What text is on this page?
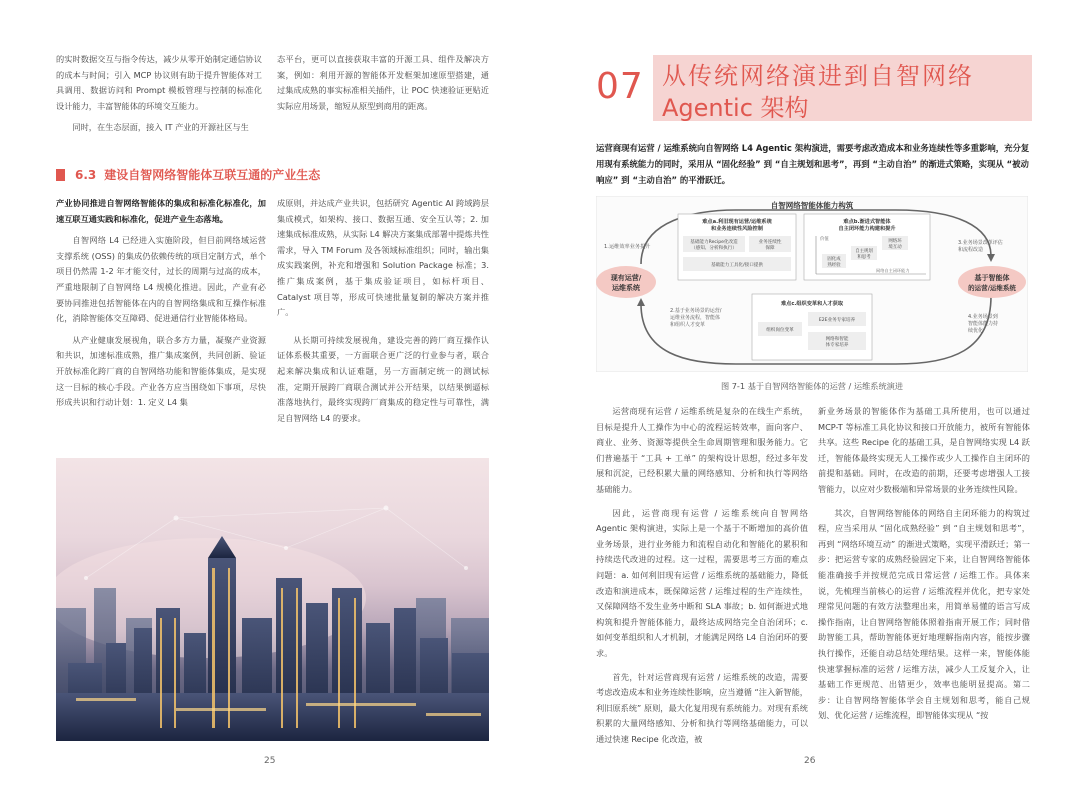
的实时数据交互与指令传达，减少从零开始制定通信协议的成本与时间；引入 MCP 协议则有助于提升智能体对工具调用、数据访问和 Prompt 模板管理与控制的标准化设计能力，丰富智能体的环境交互能力。

同时，在生态层面，接入 IT 产业的开源社区与生

态平台，更可以直接获取丰富的开源工具、组件及解决方案，例如：利用开源的智能体开发框架加速原型搭建，通过集成成熟的事实标准相关插件，让 POC 快速验证更贴近实际应用场景，缩短从原型到商用的距离。

6.3 建设自智网络智能体互联互通的产业生态

产业协同推进自智网络智能体的集成和标准化标准化，加速互联互通实践和标准化，促进产业生态落地。

自智网络 L4 已经进入实施阶段，但目前网络域运营支撑系统 (OSS) 的集成仍依赖传统的项目定制方式，单个项目仍然需 1-2 年才能交付，过长的周期与过高的成本，严重地限制了自智网络 L4 规模化推进。因此，产业有必要协同推进包括智能体在内的自智网络集成和互操作标准化，消除智能体交互障碍、促进通信行业智能体格局。

从产业健康发展视角，联合多方力量，凝聚产业资源和共识，加速标准成熟，推广集成案例，共同创新、验证开放标准化跨厂商的自智网络功能和智能体集成，是实现这一目标的核心手段。产业各方应当围绕如下事项，尽快形成共识和行动计划：1. 定义 L4 集

成原则，并达成产业共识，包括研究 Agentic AI 跨域跨层集成模式，如架构、接口、数据互通、安全互认等；2. 加速集成标准成熟，从实际 L4 解决方案集成部署中提炼共性需求，导入 TM Forum 及各领域标准组织；同时，输出集成实践案例，补充和增强和 Solution Package 标准；3. 推广集成案例，基于集成验证项目，如标杆项目、Catalyst 项目等，形成可快速批量复制的解决方案并推广。

从长期可持续发展视角，建设完善的跨厂商互操作认证体系极其重要，一方面联合更广泛的行业参与者，联合起来解决集成和认证难题，另一方面制定统一的测试标准，定期开展跨厂商联合测试并公开结果，以结果倒逼标准落地执行，最终实现跨厂商集成的稳定性与可靠性，满足自智网络 L4 的要求。

25
07 从传统网络演进到自智网络
Agentic 架构
运营商现有运营 / 运维系统向自智网络 L4 Agentic 架构演进，需要考虑改造成本和业务连续性等多重影响，充分复用现有系统能力的同时，采用从 “固化经验” 到 “自主规划和思考”，再到 “主动自治” 的渐进式策略，实现从 “被动响应” 到 “主动自治” 的平滑跃迁。
自智网络智能体能力构筑
现有运营/
运维系统
基于智能体
的运营/运维系统
1.运维效率业务提升
2.基于业务场景的运营/
运维业务流程，智能体
和组织人才变革
3.业务场景改革评估
和流程改造
4.业务场景到
智能体能力持
续优化
难点a.利旧现有运营/运维系统
和业务连续性风险控制
基础能力Recipe化改造
（感知、分析和执行）
业务连续性
保障
基础能力工具化/接口提供
难点b.渐进式智能体
自主闭环能力构建和提升
价值
网络自主闭环能力
固化成
熟经验
自主规划
和思考
网络环
境互动
难点c.组织变革和人才获取
组织岗位变革
E2E业务专家培养
网络和智能
体专家培养
图 7-1 基于自智网络智能体的运营 / 运维系统演进

运营商现有运营 / 运维系统是复杂的在线生产系统，目标是提升人工操作为中心的流程运转效率，面向客户、商业、业务、资源等提供全生命周期管理和服务能力。它们普遍基于 “工具 + 工单” 的架构设计思想，经过多年发展和沉淀，已经积累大量的网络感知、分析和执行等网络基础能力。

因此，运营商现有运营 / 运维系统向自智网络 Agentic 架构演进，实际上是一个基于不断增加的高价值业务场景，进行业务能力和流程自动化和智能化的累积和持续迭代改进的过程。这一过程，需要思考三方面的难点问题：a. 如何利旧现有运营 / 运维系统的基础能力，降低改造和演进成本，既保障运营 / 运维过程的生产连续性，又保障网络不发生业务中断和 SLA 事故；b. 如何渐进式地构筑和提升智能体能力，最终达成网络完全自治闭环；c. 如何变革组织和人才机制，才能满足网络 L4 自治闭环的要求。

首先，针对运营商现有运营 / 运维系统的改造，需要考虑改造成本和业务连续性影响，应当遵循 “注入新智能，利旧原系统” 原则，最大化复用现有系统能力。对现有系统积累的大量网络感知、分析和执行等网络基础能力，可以通过快速 Recipe 化改造，被

新业务场景的智能体作为基础工具所使用，也可以通过 MCP-T 等标准工具化协议和接口开放能力，被所有智能体共享。这些 Recipe 化的基础工具，是自智网络实现 L4 跃迁，智能体最终实现无人工操作或少人工操作自主闭环的前提和基础。同时，在改造的前期，还要考虑增强人工接管能力，以应对少数极端和异常场景的业务连续性风险。

其次，自智网络智能体的网络自主闭环能力的构筑过程，应当采用从 “固化成熟经验” 到 “自主规划和思考”，再到 “网络环境互动” 的渐进式策略，实现平滑跃迁；第一步：把运营专家的成熟经验固定下来，让自智网络智能体能准确接手并按规范完成日常运营 / 运维工作。具体来说，先梳理当前核心的运营 / 运维流程并优化，把专家处理常见问题的有效方法整理出来，用简单易懂的语言写成操作指南，让自智网络智能体照着指南开展工作；同时借助智能工具，帮助智能体更好地理解指南内容，能按步骤执行操作，还能自动总结处理结果。这样一来，智能体能快速掌握标准的运营 / 运维方法，减少人工反复介入，让基础工作更规范、出错更少，效率也能明显提高。第二步：让自智网络智能体学会自主规划和思考，能自己规划、优化运营 / 运维流程，即智能体实现从 “按

26
